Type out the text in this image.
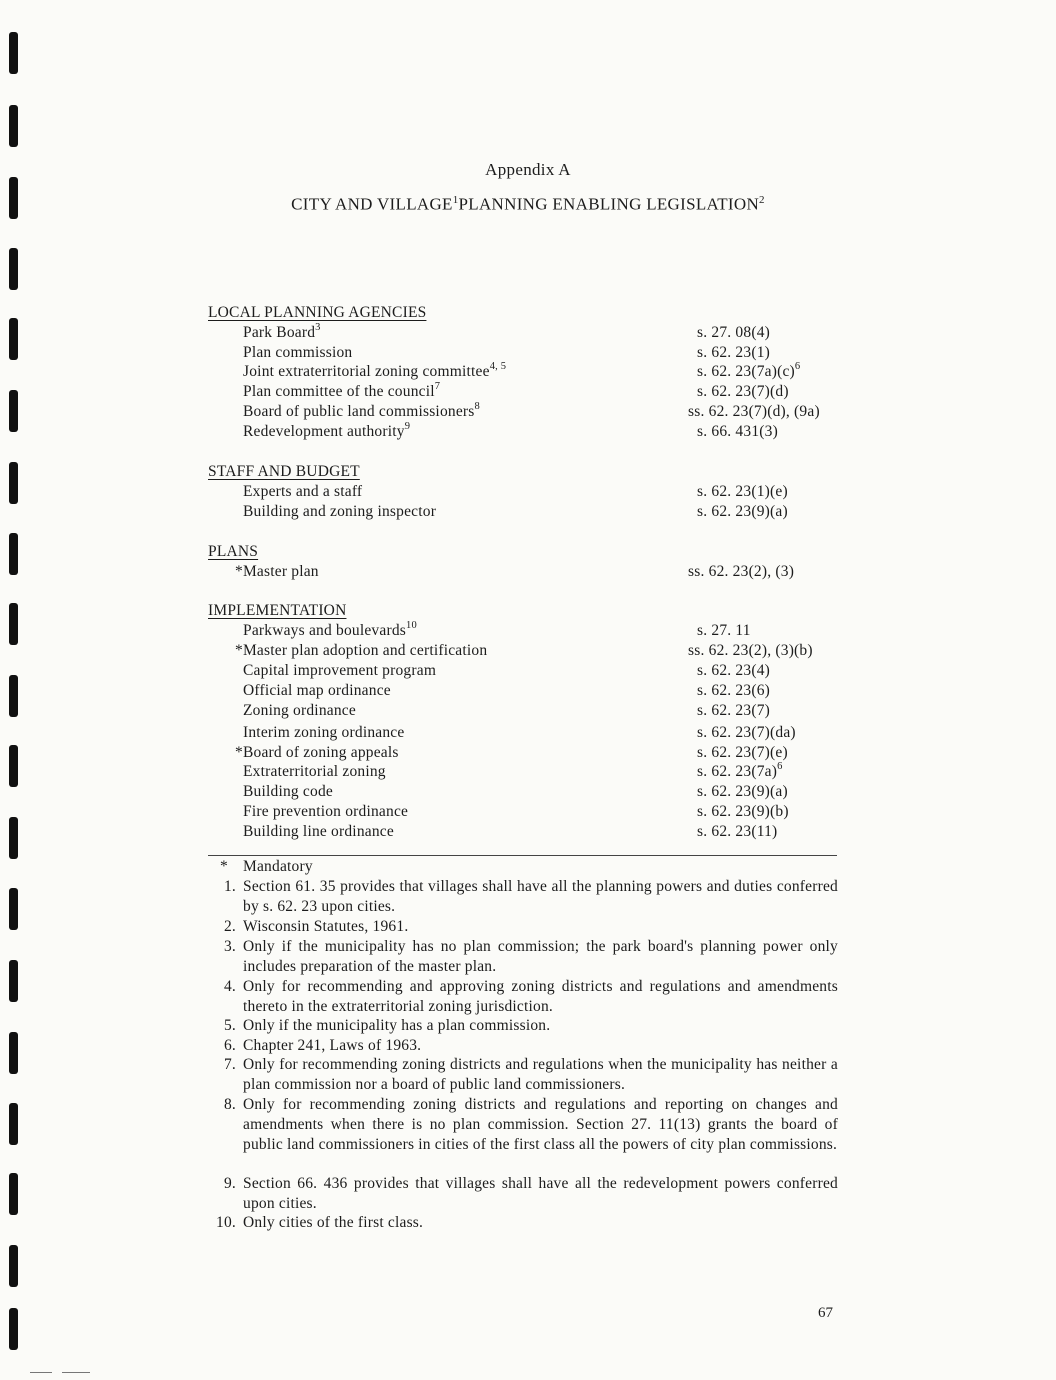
Appendix A
CITY AND VILLAGE$^1$PLANNING ENABLING LEGISLATION$^2$
LOCAL PLANNING AGENCIES
Park Board$^3$	s. 27. 08(4)
Plan commission	s. 62. 23(1)
Joint extraterritorial zoning committee$^{4, 5}$	s. 62. $23(7a)(c)^6$
Plan committee of the council$^7$	s. 62. 23(7)(d)
Board of public land commissioners$^8$	ss. 62. 23(7)(d), (9a)
Redevelopment authority$^9$	s. 66. 431(3)
STAFF AND BUDGET
Experts and a staff	s. 62. 23(1)(e)
Building and zoning inspector	s. 62. 23(9)(a)
PLANS
*Master plan	ss. 62. 23(2), (3)
IMPLEMENTATION
Parkways and boulevards$^{10}$	s. 27. 11
*Master plan adoption and certification	ss. 62. 23(2), (3)(b)
Capital improvement program	s. 62. 23(4)
Official map ordinance	s. 62. 23(6)
Zoning ordinance	s. 62. 23(7)
Interim zoning ordinance	s. 62. 23(7)(da)
*Board of zoning appeals	s. 62. 23(7)(e)
Extraterritorial zoning	s. 62. $23(7a)^6$
Building code	s. 62. 23(9)(a)
Fire prevention ordinance	s. 62. 23(9)(b)
Building line ordinance	s. 62. 23(11)
* Mandatory
1. Section 61. 35 provides that villages shall have all the planning powers and duties conferred by s. 62. 23 upon cities.
2. Wisconsin Statutes, 1961.
3. Only if the municipality has no plan commission; the park board's planning power only includes preparation of the master plan.
4. Only for recommending and approving zoning districts and regulations and amendments thereto in the extraterritorial zoning jurisdiction.
5. Only if the municipality has a plan commission.
6. Chapter 241, Laws of 1963.
7. Only for recommending zoning districts and regulations when the municipality has neither a plan commission nor a board of public land commissioners.
8. Only for recommending zoning districts and regulations and reporting on changes and amendments when there is no plan commission. Section 27. 11(13) grants the board of public land commissioners in cities of the first class all the powers of city plan commissions.
9. Section 66. 436 provides that villages shall have all the redevelopment powers conferred upon cities.
10. Only cities of the first class.
67
